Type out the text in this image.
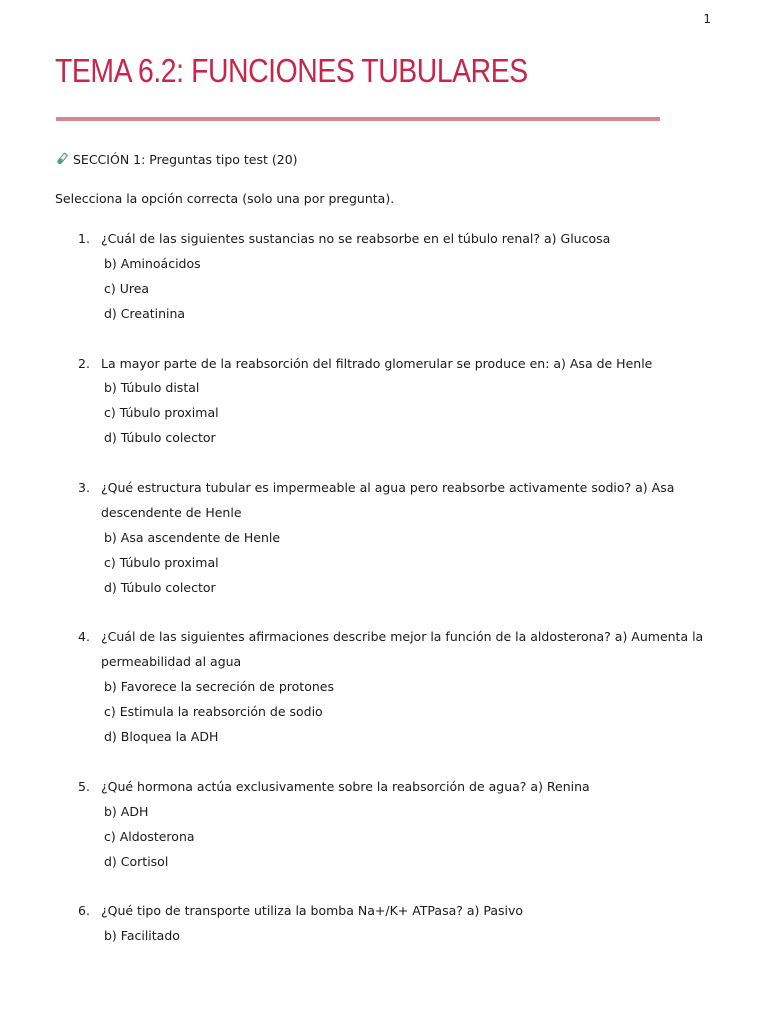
1
TEMA 6.2: FUNCIONES TUBULARES
SECCIÓN 1: Preguntas tipo test (20)
Selecciona la opción correcta (solo una por pregunta).
1. ¿Cuál de las siguientes sustancias no se reabsorbe en el túbulo renal? a) Glucosa
b) Aminoácidos
c) Urea
d) Creatinina
2. La mayor parte de la reabsorción del filtrado glomerular se produce en: a) Asa de Henle
b) Túbulo distal
c) Túbulo proximal
d) Túbulo colector
3. ¿Qué estructura tubular es impermeable al agua pero reabsorbe activamente sodio? a) Asa
descendente de Henle
b) Asa ascendente de Henle
c) Túbulo proximal
d) Túbulo colector
4. ¿Cuál de las siguientes afirmaciones describe mejor la función de la aldosterona? a) Aumenta la
permeabilidad al agua
b) Favorece la secreción de protones
c) Estimula la reabsorción de sodio
d) Bloquea la ADH
5. ¿Qué hormona actúa exclusivamente sobre la reabsorción de agua? a) Renina
b) ADH
c) Aldosterona
d) Cortisol
6. ¿Qué tipo de transporte utiliza la bomba Na+/K+ ATPasa? a) Pasivo
b) Facilitado
